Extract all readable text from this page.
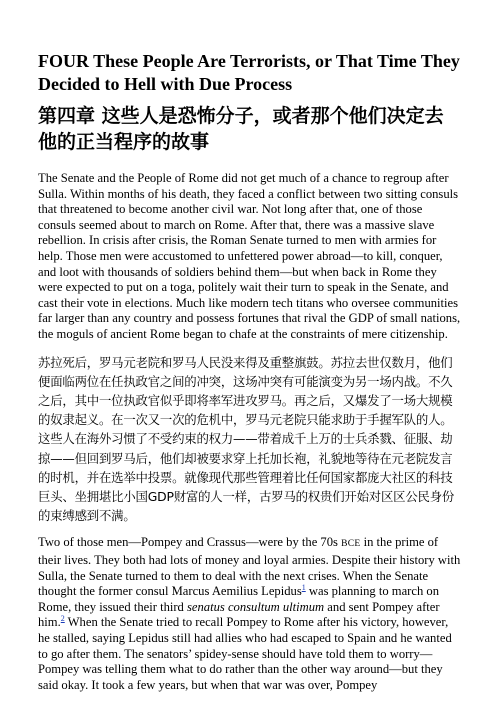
FOUR These People Are Terrorists, or That Time They Decided to Hell with Due Process
第四章 这些人是恐怖分子，或者那个他们决定去他的正当程序的故事

The Senate and the People of Rome did not get much of a chance to regroup after Sulla. Within months of his death, they faced a conflict between two sitting consuls that threatened to become another civil war. Not long after that, one of those consuls seemed about to march on Rome. After that, there was a massive slave rebellion. In crisis after crisis, the Roman Senate turned to men with armies for help. Those men were accustomed to unfettered power abroad—to kill, conquer, and loot with thousands of soldiers behind them—but when back in Rome they were expected to put on a toga, politely wait their turn to speak in the Senate, and cast their vote in elections. Much like modern tech titans who oversee communities far larger than any country and possess fortunes that rival the GDP of small nations, the moguls of ancient Rome began to chafe at the constraints of mere citizenship.

苏拉死后，罗马元老院和罗马人民没来得及重整旗鼓。苏拉去世仅数月，他们便面临两位在任执政官之间的冲突，这场冲突有可能演变为另一场内战。不久之后，其中一位执政官似乎即将率军进攻罗马。再之后，又爆发了一场大规模的奴隶起义。在一次又一次的危机中，罗马元老院只能求助于手握军队的人。这些人在海外习惯了不受约束的权力——带着成千上万的士兵杀戮、征服、劫掠——但回到罗马后，他们却被要求穿上托加长袍，礼貌地等待在元老院发言的时机，并在选举中投票。就像现代那些管理着比任何国家都庞大社区的科技巨头、坐拥堪比小国GDP财富的人一样，古罗马的权贵们开始对区区公民身份的束缚感到不满。

Two of those men—Pompey and Crassus—were by the 70s BCE in the prime of their lives. They both had lots of money and loyal armies. Despite their history with Sulla, the Senate turned to them to deal with the next crises. When the Senate thought the former consul Marcus Aemilius Lepidus$^1$ was planning to march on Rome, they issued their third senatus consultum ultimum and sent Pompey after him.$^2$ When the Senate tried to recall Pompey to Rome after his victory, however, he stalled, saying Lepidus still had allies who had escaped to Spain and he wanted to go after them. The senators’ spidey-sense should have told them to worry—Pompey was telling them what to do rather than the other way around—but they said okay. It took a few years, but when that war was over, Pompey
